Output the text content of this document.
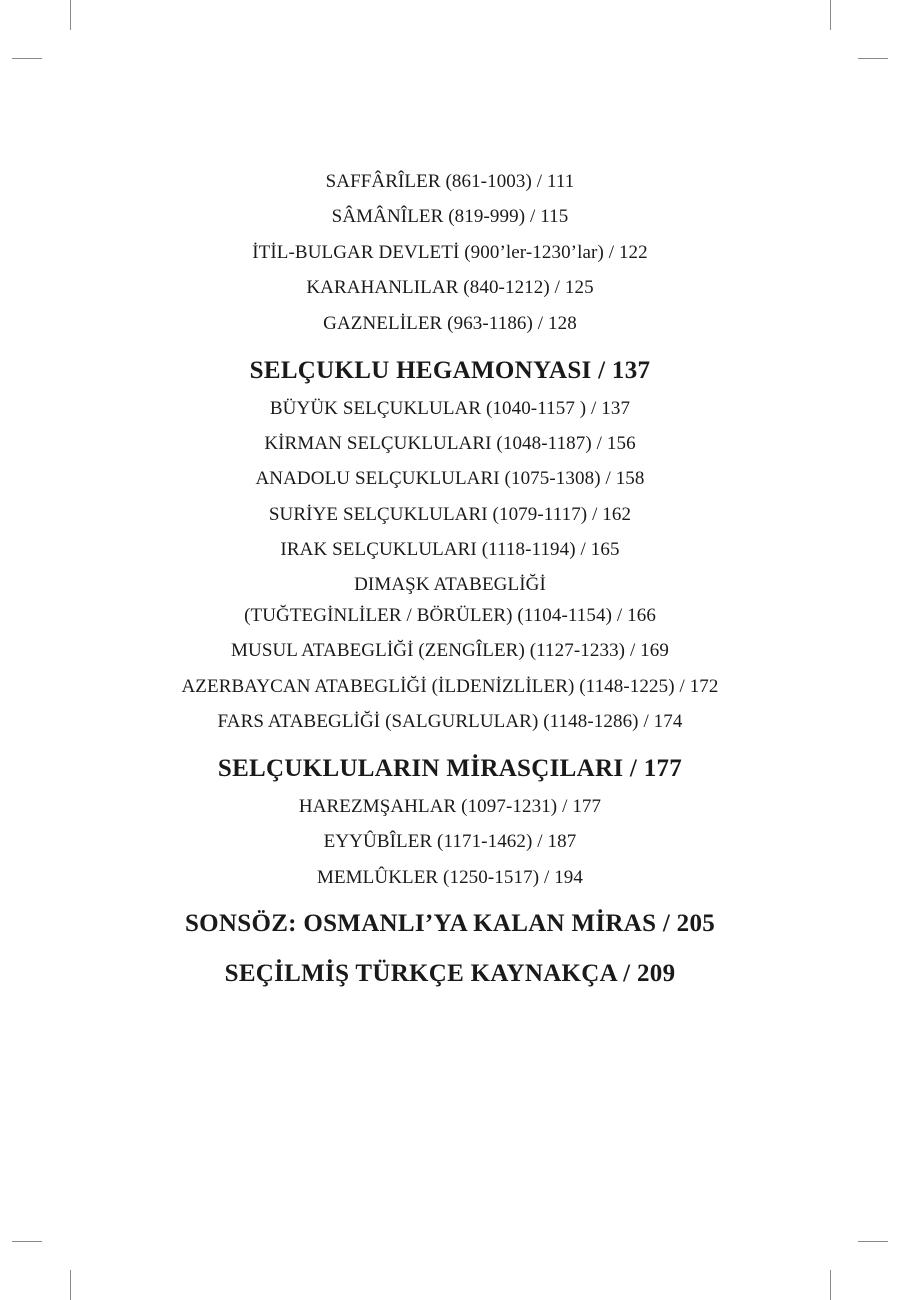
SAFFÂRÎLER (861-1003) / 111
SÂMÂNÎLER (819-999) / 115
İTİL-BULGAR DEVLETİ (900’ler-1230’lar) / 122
KARAHANLILAR (840-1212) / 125
GAZNELİLER (963-1186) / 128
SELÇUKLU HEGAMONYASI / 137
BÜYÜK SELÇUKLULAR (1040-1157 ) / 137
KİRMAN SELÇUKLULARI (1048-1187) / 156
ANADOLU SELÇUKLULARI (1075-1308) / 158
SURİYE SELÇUKLULARI (1079-1117) / 162
IRAK SELÇUKLULARI (1118-1194) / 165
DIMAŞK ATABEGLİĞİ
(TUĞTEGİNLİLER / BÖRÜLER) (1104-1154) / 166
MUSUL ATABEGLİĞİ (ZENGÎLER) (1127-1233) / 169
AZERBAYCAN ATABEGLİĞİ (İLDENİZLİLER) (1148-1225) / 172
FARS ATABEGLİĞİ (SALGURLULAR) (1148-1286) / 174
SELÇUKLULARIN MİRASÇILARI / 177
HAREZMŞAHLAR (1097-1231) / 177
EYYÛBÎLER (1171-1462) / 187
MEMLÛKLER (1250-1517) / 194
SONSÖZ: OSMANLI’YA KALAN MİRAS / 205
SEÇİLMİŞ TÜRKÇE KAYNAKÇA / 209
